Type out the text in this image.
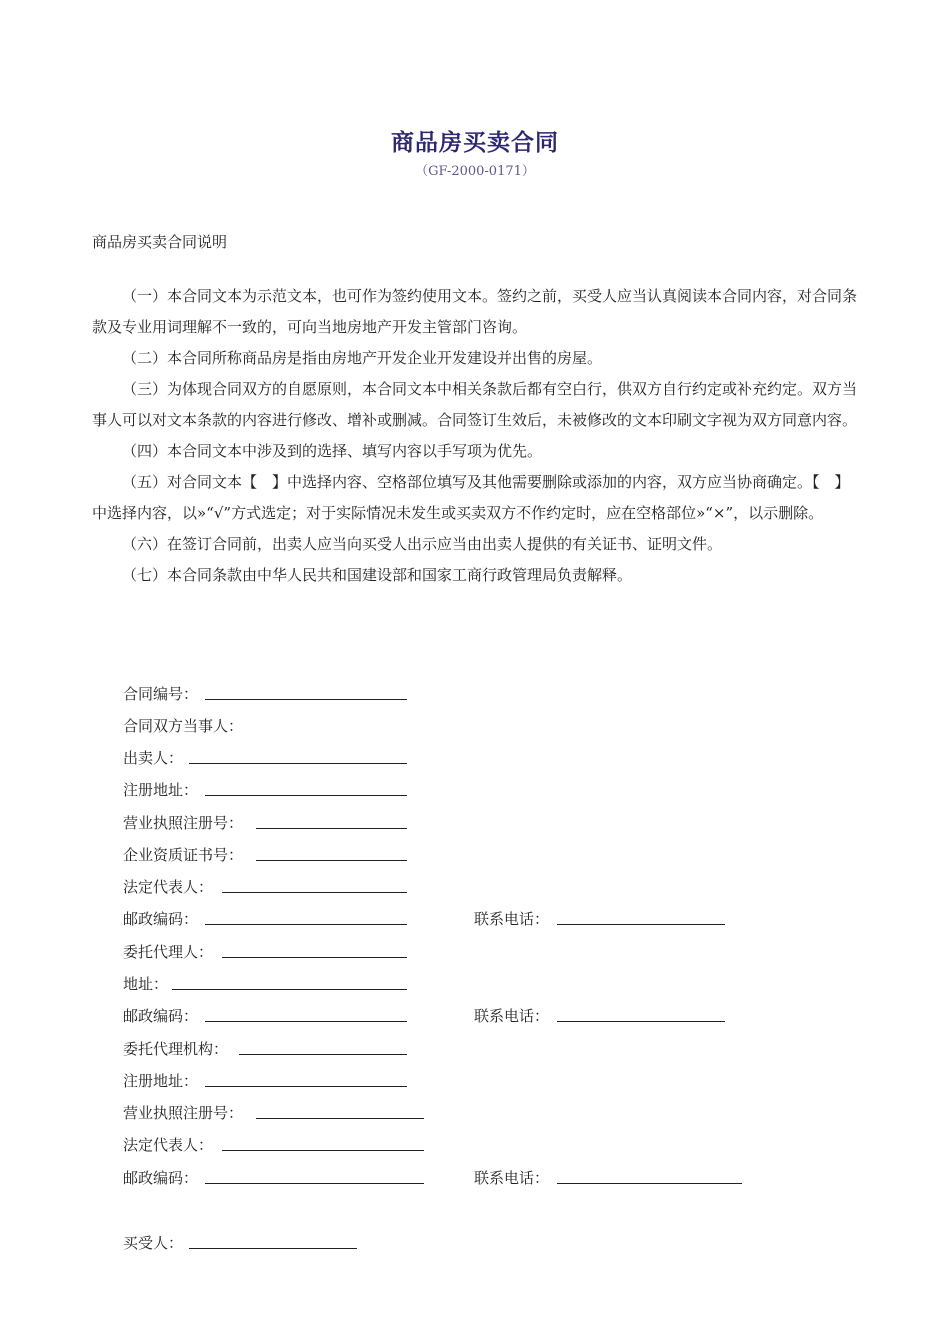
商品房买卖合同
（GF-2000-0171）
商品房买卖合同说明

（一）本合同文本为示范文本，也可作为签约使用文本。签约之前，买受人应当认真阅读本合同内容，对合同条款及专业用词理解不一致的，可向当地房地产开发主管部门咨询。

（二）本合同所称商品房是指由房地产开发企业开发建设并出售的房屋。

（三）为体现合同双方的自愿原则，本合同文本中相关条款后都有空白行，供双方自行约定或补充约定。双方当事人可以对文本条款的内容进行修改、增补或删减。合同签订生效后，未被修改的文本印刷文字视为双方同意内容。

（四）本合同文本中涉及到的选择、填写内容以手写项为优先。

（五）对合同文本【　】中选择内容、空格部位填写及其他需要删除或添加的内容，双方应当协商确定。【　】中选择内容，以»“√”方式选定；对于实际情况未发生或买卖双方不作约定时，应在空格部位»“×”，以示删除。

（六）在签订合同前，出卖人应当向买受人出示应当由出卖人提供的有关证书、证明文件。

（七）本合同条款由中华人民共和国建设部和国家工商行政管理局负责解释。

合同编号：
合同双方当事人：
出卖人：
注册地址：
营业执照注册号：
企业资质证书号：
法定代表人：
邮政编码：	联系电话：
委托代理人：
地址：
邮政编码：	联系电话：
委托代理机构：
注册地址：
营业执照注册号：
法定代表人：
邮政编码：	联系电话：
买受人：
